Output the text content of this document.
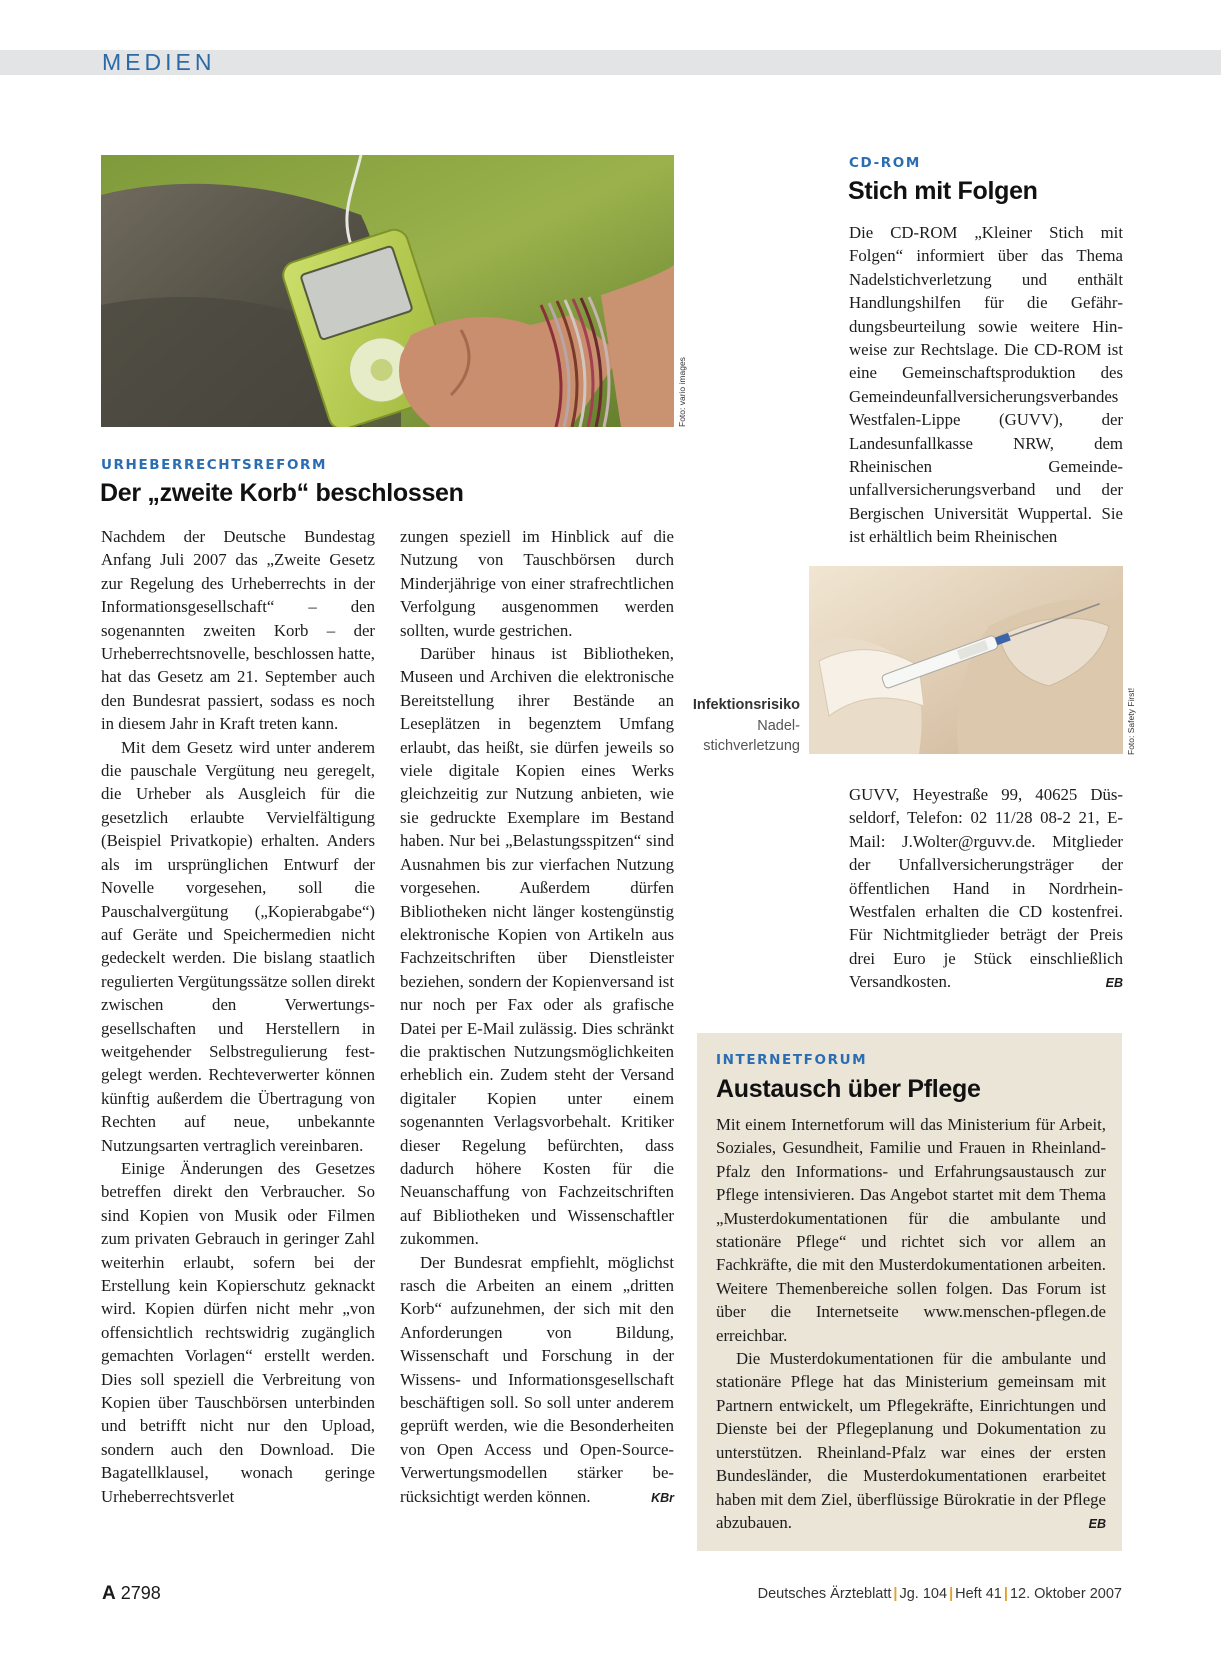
MEDIEN
Foto: vario images
URHEBERRECHTSREFORM
Der „zweite Korb“ beschlossen

Nachdem der Deutsche Bundestag Anfang Juli 2007 das „Zweite Gesetz zur Regelung des Urheberrechts in der Informationsgesellschaft“ – den sogenannten zweiten Korb – der Urheberrechtsnovelle, beschlossen hatte, hat das Gesetz am 21. September auch den Bundesrat passiert, sodass es noch in diesem Jahr in Kraft treten kann.

Mit dem Gesetz wird unter anderem die pauschale Vergütung neu geregelt, die Urheber als Ausgleich für die gesetzlich erlaubte Vervielfältigung (Beispiel Privatkopie) erhalten. Anders als im ursprünglichen Entwurf der Novelle vorgesehen, soll die Pauschalvergütung („Kopierabgabe“) auf Geräte und Speichermedien nicht gedeckelt werden. Die bislang staatlich regulierten Vergütungssätze sollen direkt zwischen den Verwertungsgesellschaften und Herstellern in weitgehender Selbstregulierung festgelegt werden. Rechteverwerter können künftig außerdem die Übertragung von Rechten auf neue, unbekannte Nutzungsarten vertraglich vereinbaren.

Einige Änderungen des Gesetzes betreffen direkt den Verbraucher. So sind Kopien von Musik oder Filmen zum privaten Gebrauch in geringer Zahl weiterhin erlaubt, sofern bei der Erstellung kein Kopierschutz geknackt wird. Kopien dürfen nicht mehr „von offensichtlich rechtswidrig zugänglich gemachten Vorlagen“ erstellt werden. Dies soll speziell die Verbreitung von Kopien über Tauschbörsen unterbinden und betrifft nicht nur den Upload, sondern auch den Download. Die Bagatellklausel, wonach geringe Urheberrechtsverlet

zungen speziell im Hinblick auf die Nutzung von Tauschbörsen durch Minderjährige von einer strafrechtlichen Verfolgung ausgenommen werden sollten, wurde gestrichen.

Darüber hinaus ist Bibliotheken, Museen und Archiven die elektronische Bereitstellung ihrer Bestände an Leseplätzen in begenztem Umfang erlaubt, das heißt, sie dürfen jeweils so viele digitale Kopien eines Werks gleichzeitig zur Nutzung anbieten, wie sie gedruckte Exemplare im Bestand haben. Nur bei „Belastungsspitzen“ sind Ausnahmen bis zur vierfachen Nutzung vorgesehen. Außerdem dürfen Bibliotheken nicht länger kostengünstig elektronische Kopien von Artikeln aus Fachzeitschriften über Dienstleister beziehen, sondern der Kopienversand ist nur noch per Fax oder als grafische Datei per E-Mail zulässig. Dies schränkt die praktischen Nutzungsmöglichkeiten erheblich ein. Zudem steht der Versand digitaler Kopien unter einem sogenannten Verlagsvorbehalt. Kritiker dieser Regelung befürchten, dass dadurch höhere Kosten für die Neuanschaffung von Fachzeitschriften auf Bibliotheken und Wissenschaftler zukommen.

Der Bundesrat empfiehlt, möglichst rasch die Arbeiten an einem „dritten Korb“ aufzunehmen, der sich mit den Anforderungen von Bildung, Wissenschaft und Forschung in der Wissens- und Informationsgesellschaft beschäftigen soll. So soll unter anderem geprüft werden, wie die Besonderheiten von Open Access und Open-Source-Verwertungsmodellen stärker berücksichtigt werden können.	KBr

CD-ROM
Stich mit Folgen

Die CD-ROM „Kleiner Stich mit Folgen“ informiert über das Thema Nadelstichverletzung und enthält Handlungshilfen für die Gefährdungsbeurteilung sowie weitere Hinweise zur Rechtslage. Die CD-ROM ist eine Gemeinschaftsproduktion des Gemeindeunfallversicherungsverbandes Westfalen-Lippe (GUVV), der Landesunfallkasse NRW, dem Rheinischen Gemeindeunfallversicherungsverband und der Bergischen Universität Wuppertal. Sie ist erhältlich beim Rheinischen

Foto: Safety First!
Infektionsrisiko Nadelstichverletzung

GUVV, Heyestraße 99, 40625 Düsseldorf, Telefon: 02 11/28 08-2 21, E-Mail: J.Wolter@rguvv.de. Mitglieder der Unfallversicherungsträger der öffentlichen Hand in Nordrhein-Westfalen erhalten die CD kostenfrei. Für Nichtmitglieder beträgt der Preis drei Euro je Stück einschließlich Versandkosten.	EB

INTERNETFORUM
Austausch über Pflege

Mit einem Internetforum will das Ministerium für Arbeit, Soziales, Gesundheit, Familie und Frauen in Rheinland-Pfalz den Informations- und Erfahrungsaustausch zur Pflege intensivieren. Das Angebot startet mit dem Thema „Musterdokumentationen für die ambulante und stationäre Pflege“ und richtet sich vor allem an Fachkräfte, die mit den Musterdokumentationen arbeiten. Weitere Themenbereiche sollen folgen. Das Forum ist über die Internetseite www.menschen-pflegen.de erreichbar.

Die Musterdokumentationen für die ambulante und stationäre Pflege hat das Ministerium gemeinsam mit Partnern entwickelt, um Pflegekräfte, Einrichtungen und Dienste bei der Pflegeplanung und Dokumentation zu unterstützen. Rheinland-Pfalz war eines der ersten Bundesländer, die Musterdokumentationen erarbeitet haben mit dem Ziel, überflüssige Bürokratie in der Pflege abzubauen.	EB

A 2798	Deutsches Ärzteblatt | Jg. 104 | Heft 41 | 12. Oktober 2007
